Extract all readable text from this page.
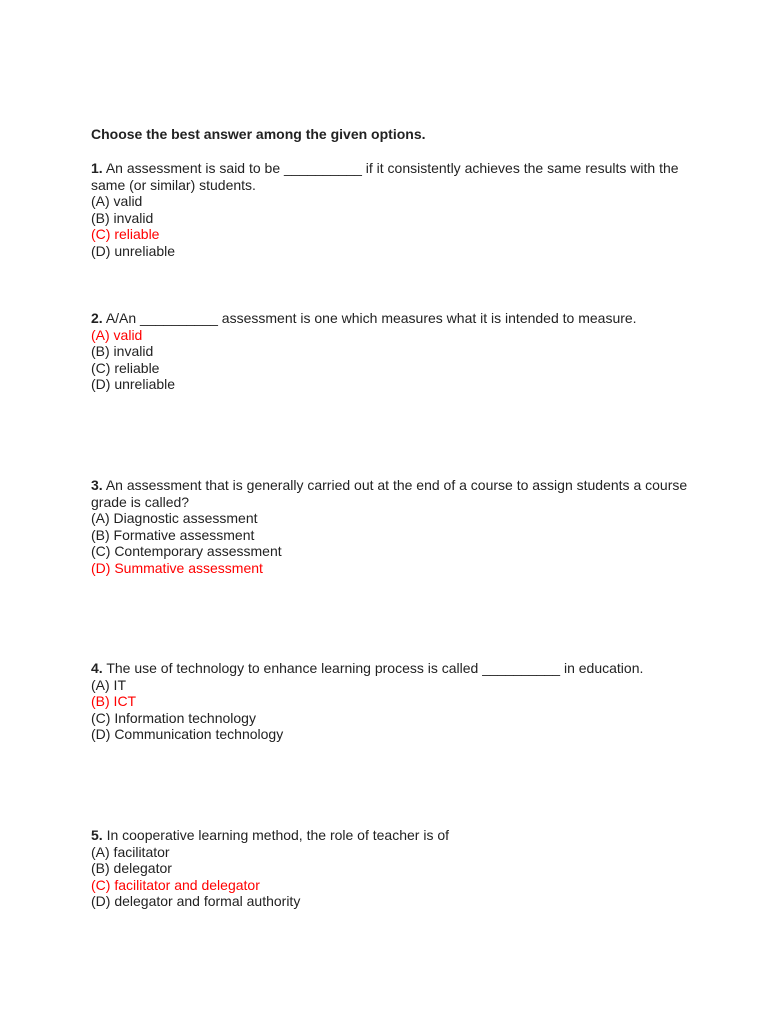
Choose the best answer among the given options.

1. An assessment is said to be __________ if it consistently achieves the same results with the same (or similar) students.

(A) valid
(B) invalid
(C) reliable
(D) unreliable

2. A/An __________ assessment is one which measures what it is intended to measure.

(A) valid
(B) invalid
(C) reliable
(D) unreliable

3. An assessment that is generally carried out at the end of a course to assign students a course grade is called?

(A) Diagnostic assessment
(B) Formative assessment
(C) Contemporary assessment
(D) Summative assessment

4. The use of technology to enhance learning process is called __________ in education.

(A) IT
(B) ICT
(C) Information technology
(D) Communication technology

5. In cooperative learning method, the role of teacher is of

(A) facilitator
(B) delegator
(C) facilitator and delegator
(D) delegator and formal authority
